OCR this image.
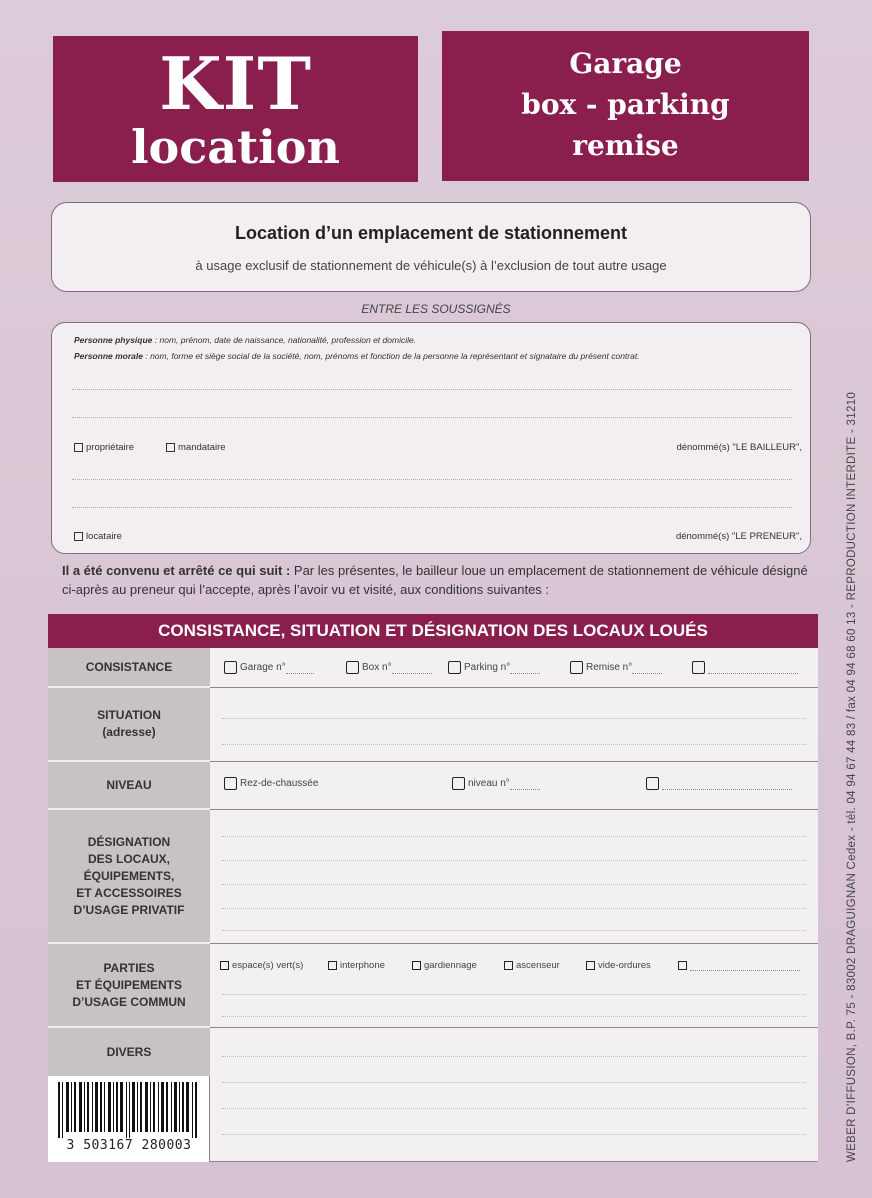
KIT
location
Garage
box - parking
remise
Location d’un emplacement de stationnement
à usage exclusif de stationnement de véhicule(s) à l’exclusion de tout autre usage
ENTRE LES SOUSSIGNÉS
Personne physique : nom, prénom, date de naissance, nationalité, profession et domicile.
Personne morale : nom, forme et siège social de la société, nom, prénoms et fonction de la personne la représentant et signataire du présent contrat.
propriétaire	mandataire	dénommé(s) "LE BAILLEUR",
locataire	dénommé(s) "LE PRENEUR",
Il a été convenu et arrêté ce qui suit : Par les présentes, le bailleur loue un emplacement de stationnement de véhicule désigné ci-après au preneur qui l’accepte, après l’avoir vu et visité, aux conditions suivantes :
CONSISTANCE, SITUATION ET DÉSIGNATION DES LOCAUX LOUÉS
CONSISTANCE	Garage n°	Box n°	Parking n°	Remise n°
SITUATION
(adresse)
NIVEAU	Rez-de-chaussée	niveau n°
DÉSIGNATION
DES LOCAUX,
ÉQUIPEMENTS,
ET ACCESSOIRES
D’USAGE PRIVATIF
PARTIES
ET ÉQUIPEMENTS
D’USAGE COMMUN
espace(s) vert(s)	interphone	gardiennage	ascenseur	vide-ordures
DIVERS
3 503167 280003	WEBER D’IFFUSION, B.P. 75 - 83002 DRAGUIGNAN Cedex - tél. 04 94 67 44 83 / fax 04 94 68 60 13 - REPRODUCTION INTERDITE - 31210
